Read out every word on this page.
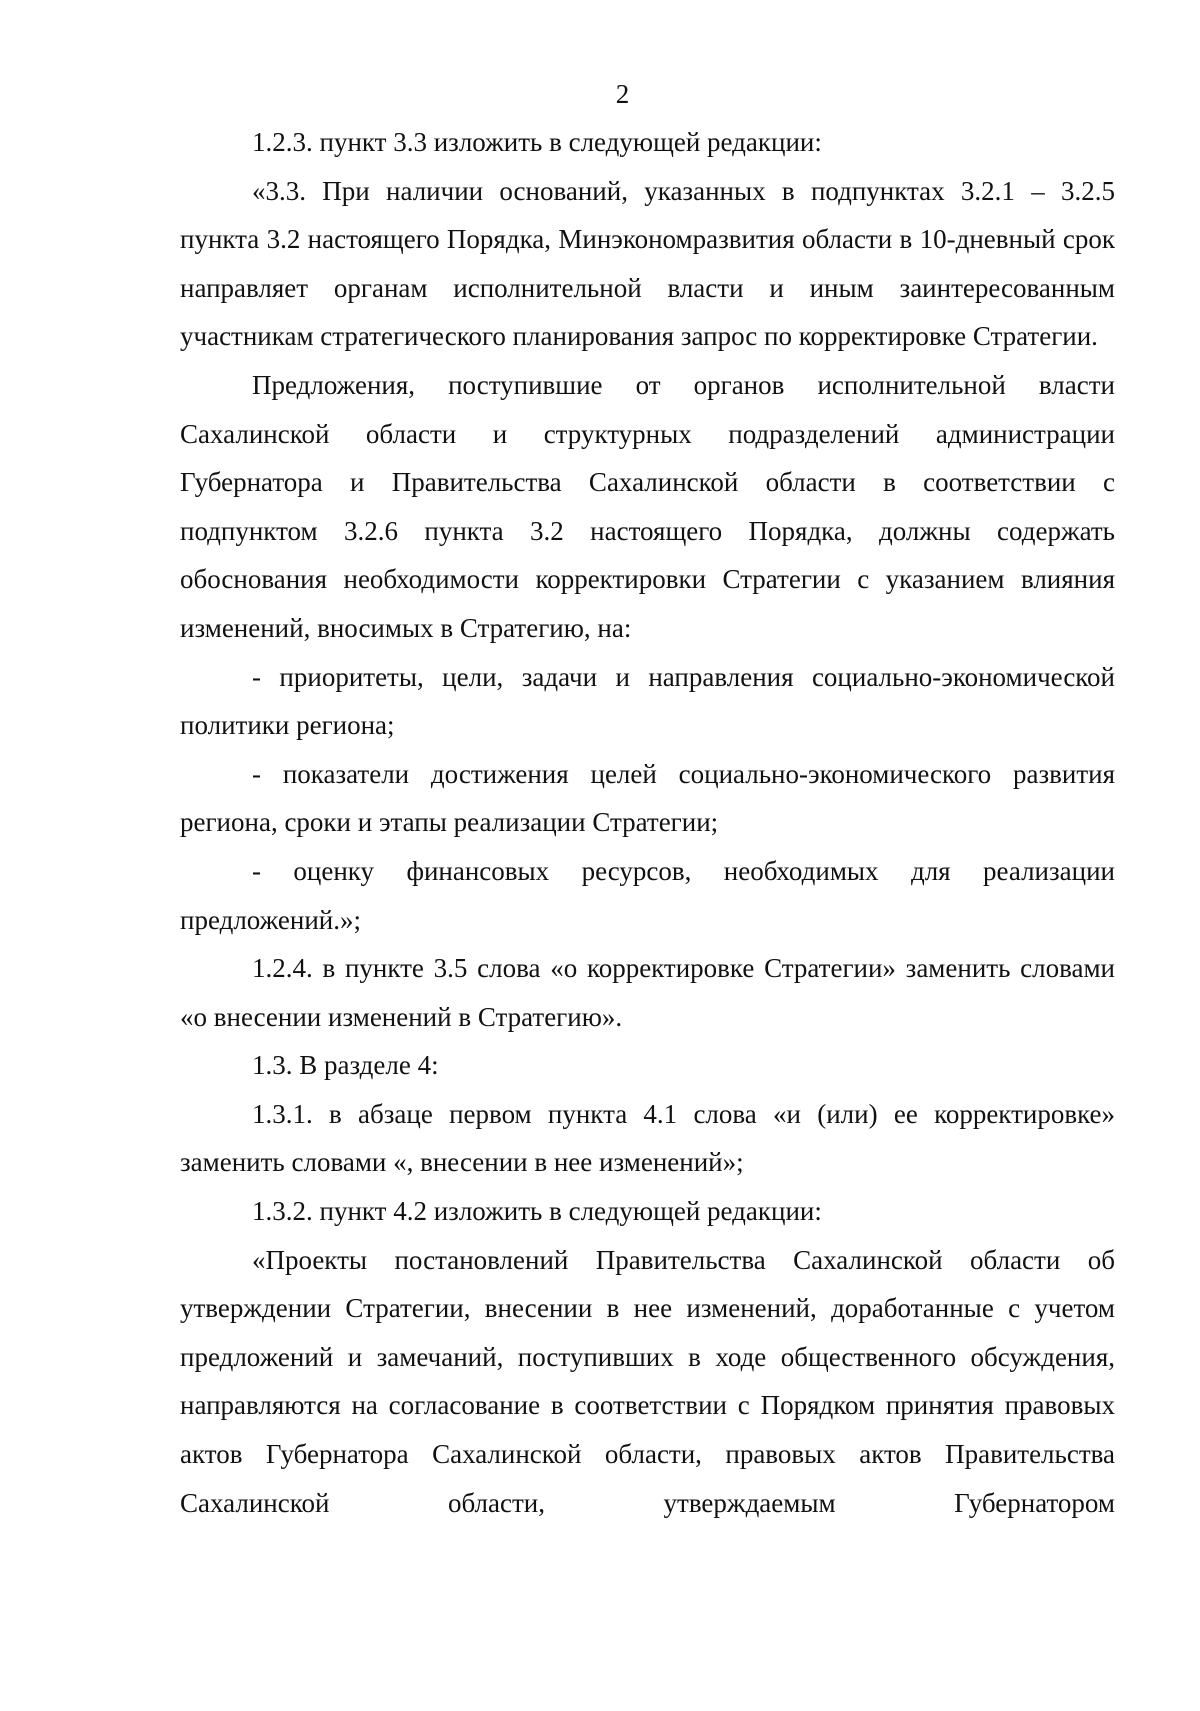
2

1.2.3. пункт 3.3 изложить в следующей редакции:

«3.3. При наличии оснований, указанных в подпунктах 3.2.1 – 3.2.5 пункта 3.2 настоящего Порядка, Минэкономразвития области в 10-дневный срок направляет органам исполнительной власти и иным заинтересованным участникам стратегического планирования запрос по корректировке Стратегии.

Предложения, поступившие от органов исполнительной власти Сахалинской области и структурных подразделений администрации Губернатора и Правительства Сахалинской области в соответствии с подпунктом 3.2.6 пункта 3.2 настоящего Порядка, должны содержать обоснования необходимости корректировки Стратегии с указанием влияния изменений, вносимых в Стратегию, на:

- приоритеты, цели, задачи и направления социально-экономической политики региона;

- показатели достижения целей социально-экономического развития региона, сроки и этапы реализации Стратегии;

- оценку финансовых ресурсов, необходимых для реализации предложений.»;

1.2.4. в пункте 3.5 слова «о корректировке Стратегии» заменить словами «о внесении изменений в Стратегию».

1.3. В разделе 4:

1.3.1. в абзаце первом пункта 4.1 слова «и (или) ее корректировке» заменить словами «, внесении в нее изменений»;

1.3.2. пункт 4.2 изложить в следующей редакции:

«Проекты постановлений Правительства Сахалинской области об утверждении Стратегии, внесении в нее изменений, доработанные с учетом предложений и замечаний, поступивших в ходе общественного обсуждения, направляются на согласование в соответствии с Порядком принятия правовых актов Губернатора Сахалинской области, правовых актов Правительства Сахалинской области, утверждаемым Губернатором
